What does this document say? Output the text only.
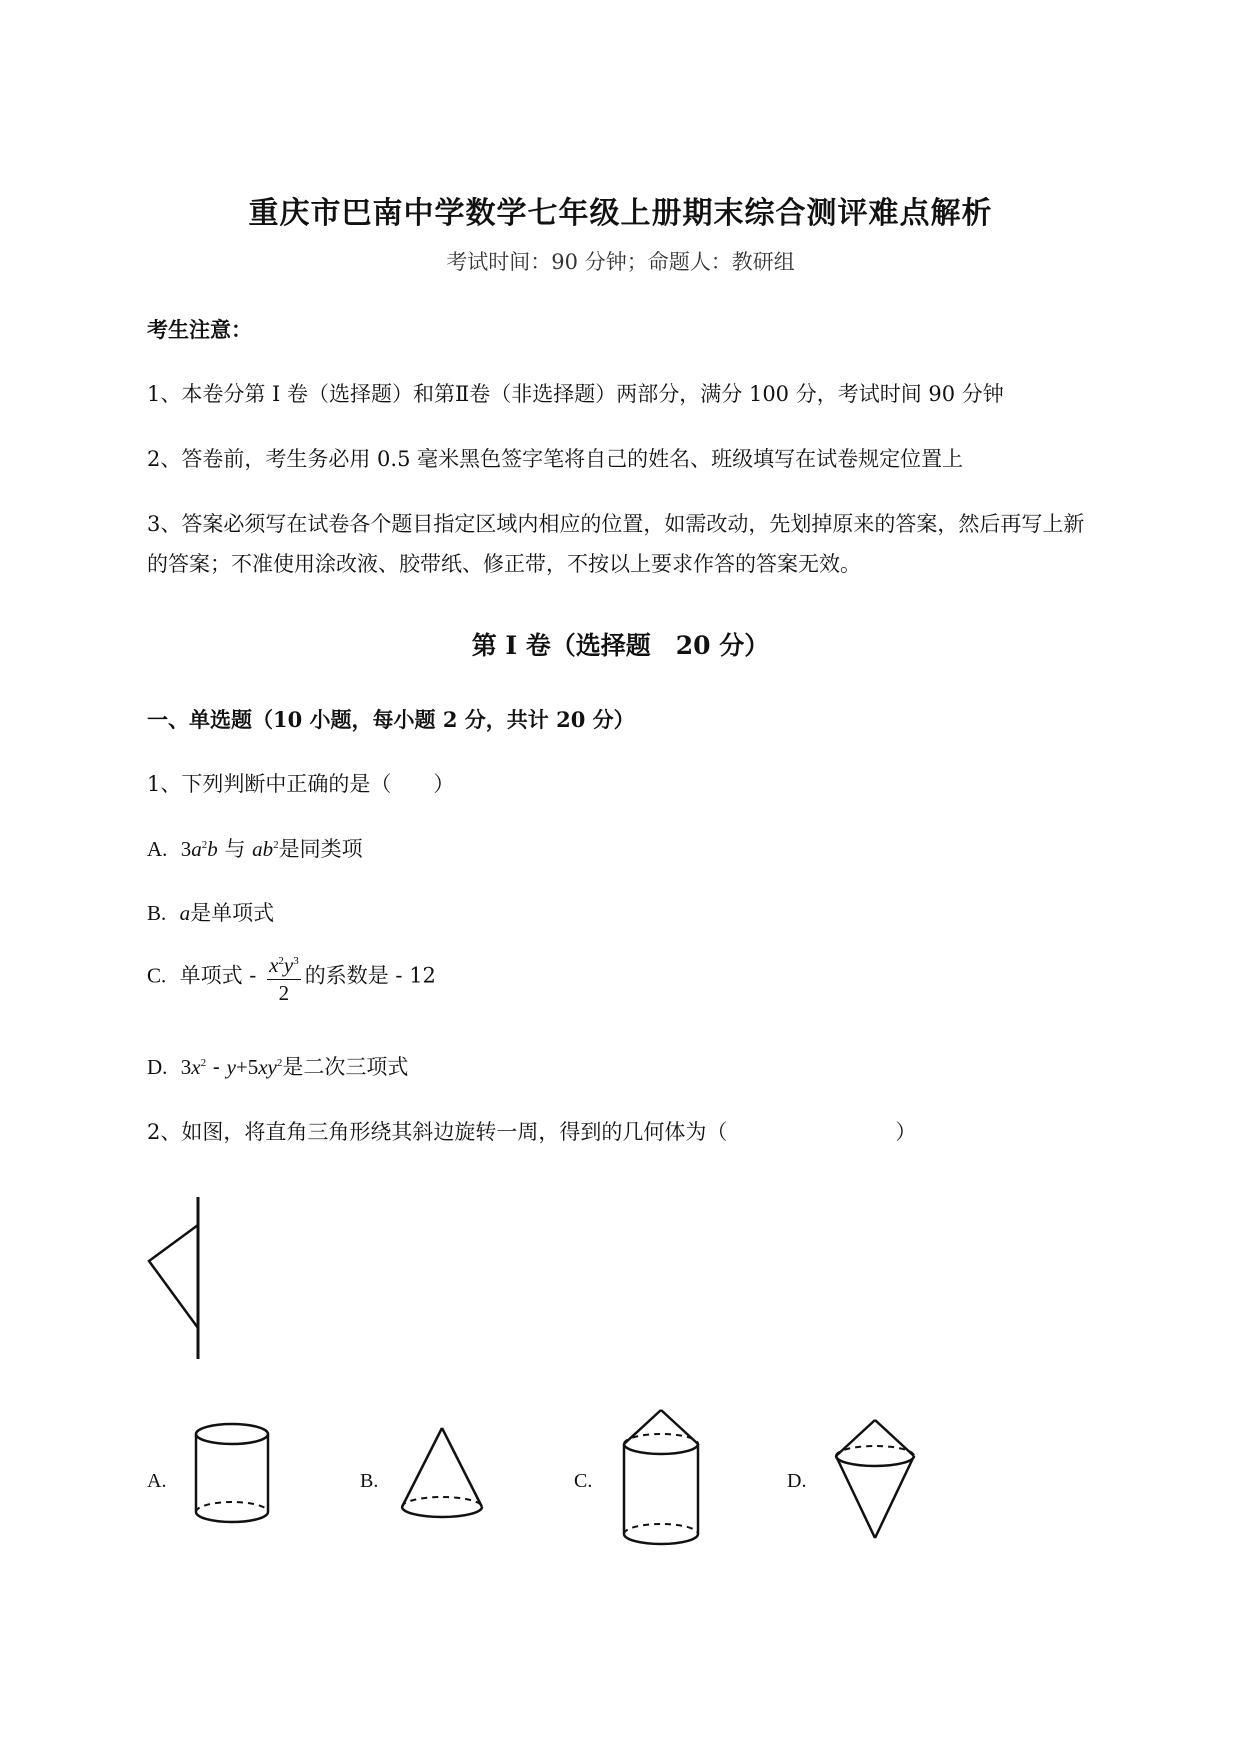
重庆市巴南中学数学七年级上册期末综合测评难点解析
考试时间：90 分钟；命题人：教研组
考生注意：
1、本卷分第 I 卷（选择题）和第Ⅱ卷（非选择题）两部分，满分 100 分，考试时间 90 分钟
2、答卷前，考生务必用 0.5 毫米黑色签字笔将自己的姓名、班级填写在试卷规定位置上
3、答案必须写在试卷各个题目指定区域内相应的位置，如需改动，先划掉原来的答案，然后再写上新
的答案；不准使用涂改液、胶带纸、修正带，不按以上要求作答的答案无效。
第 I 卷（选择题　20 分）
一、单选题（10 小题，每小题 2 分，共计 20 分）
1、下列判断中正确的是（　　）
A. $3a^2b$ 与 $ab^2$是同类项
B. a是单项式
C. 单项式 - $\frac{x^2y^3}{2}$ 的系数是 - 12
D. $3x^2 - y+5xy^2$是二次三项式
2、如图，将直角三角形绕其斜边旋转一周，得到的几何体为（　　　　　　　　）
A.	B.	C.	D.
